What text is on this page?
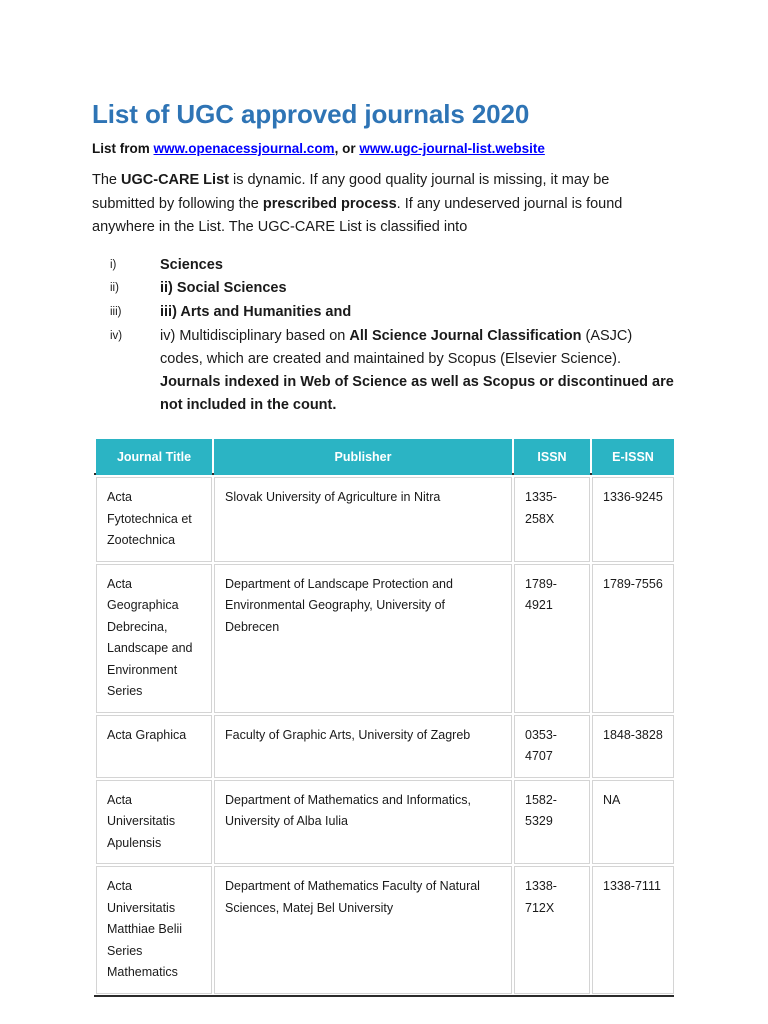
List of UGC approved journals 2020

List from www.openacessjournal.com, or www.ugc-journal-list.website

The UGC-CARE List is dynamic. If any good quality journal is missing, it may be submitted by following the prescribed process. If any undeserved journal is found anywhere in the List. The UGC-CARE List is classified into

i)	Sciences
ii)	ii) Social Sciences
iii)	iii) Arts and Humanities and
iv)	iv) Multidisciplinary based on All Science Journal Classification (ASJC) codes, which are created and maintained by Scopus (Elsevier Science). Journals indexed in Web of Science as well as Scopus or discontinued are not included in the count.
Journal Title	Publisher	ISSN	E-ISSN
Acta Fytotechnica et Zootechnica	Slovak University of Agriculture in Nitra	1335-258X	1336-9245
Acta Geographica Debrecina, Landscape and Environment Series	Department of Landscape Protection and Environmental Geography, University of Debrecen	1789-4921	1789-7556
Acta Graphica	Faculty of Graphic Arts, University of Zagreb	0353-4707	1848-3828
Acta Universitatis Apulensis	Department of Mathematics and Informatics, University of Alba Iulia	1582-5329	NA
Acta Universitatis Matthiae Belii Series Mathematics	Department of Mathematics Faculty of Natural Sciences, Matej Bel University	1338-712X	1338-7111
